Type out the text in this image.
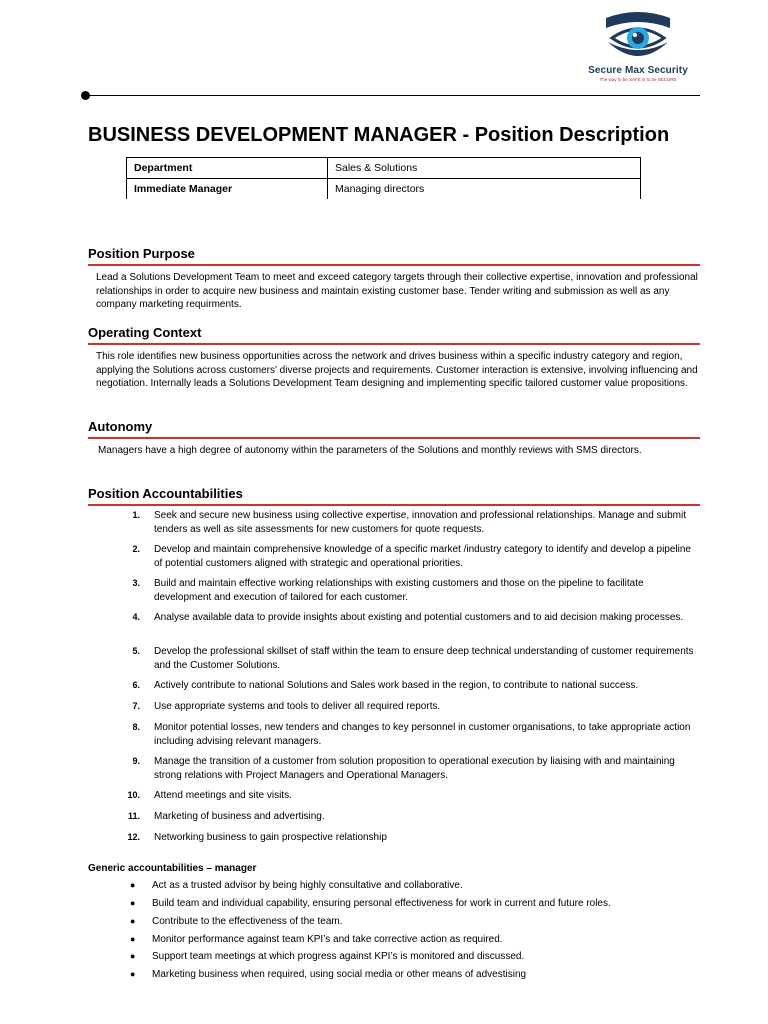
Secure Max Security
The way to be SAFE is to be SECURE
BUSINESS DEVELOPMENT MANAGER - Position Description
Department	Sales & Solutions
Immediate Manager	Managing directors
Position Purpose

Lead a Solutions Development Team to meet and exceed category targets through their collective expertise, innovation and professional relationships in order to acquire new business and maintain existing customer base. Tender writing and submission as well as any company marketing requirments.

Operating Context

This role identifies new business opportunities across the network and drives business within a specific industry category and region, applying the Solutions across customers' diverse projects and requirements. Customer interaction is extensive, involving influencing and negotiation. Internally leads a Solutions Development Team designing and implementing specific tailored customer value propositions.

Autonomy

Managers have a high degree of autonomy within the parameters of the Solutions and monthly reviews with SMS directors.

Position Accountabilities
1. Seek and secure new business using collective expertise, innovation and professional relationships. Manage and submit tenders as well as site assessments for new customers for quote requests.
2. Develop and maintain comprehensive knowledge of a specific market /industry category to identify and develop a pipeline of potential customers aligned with strategic and operational priorities.
3. Build and maintain effective working relationships with existing customers and those on the pipeline to facilitate development and execution of tailored for each customer.
4. Analyse available data to provide insights about existing and potential customers and to aid decision making processes.
5. Develop the professional skillset of staff within the team to ensure deep technical understanding of customer requirements and the Customer Solutions.
6. Actively contribute to national Solutions and Sales work based in the region, to contribute to national success.
7. Use appropriate systems and tools to deliver all required reports.
8. Monitor potential losses, new tenders and changes to key personnel in customer organisations, to take appropriate action including advising relevant managers.
9. Manage the transition of a customer from solution proposition to operational execution by liaising with and maintaining strong relations with Project Managers and Operational Managers.
10. Attend meetings and site visits.
11. Marketing of business and advertising.
12. Networking business to gain prospective relationship
Generic accountabilities – manager
● Act as a trusted advisor by being highly consultative and collaborative.
● Build team and individual capability, ensuring personal effectiveness for work in current and future roles.
● Contribute to the effectiveness of the team.
● Monitor performance against team KPI’s and take corrective action as required.
● Support team meetings at which progress against KPI’s is monitored and discussed.
● Marketing business when required, using social media or other means of advestising
